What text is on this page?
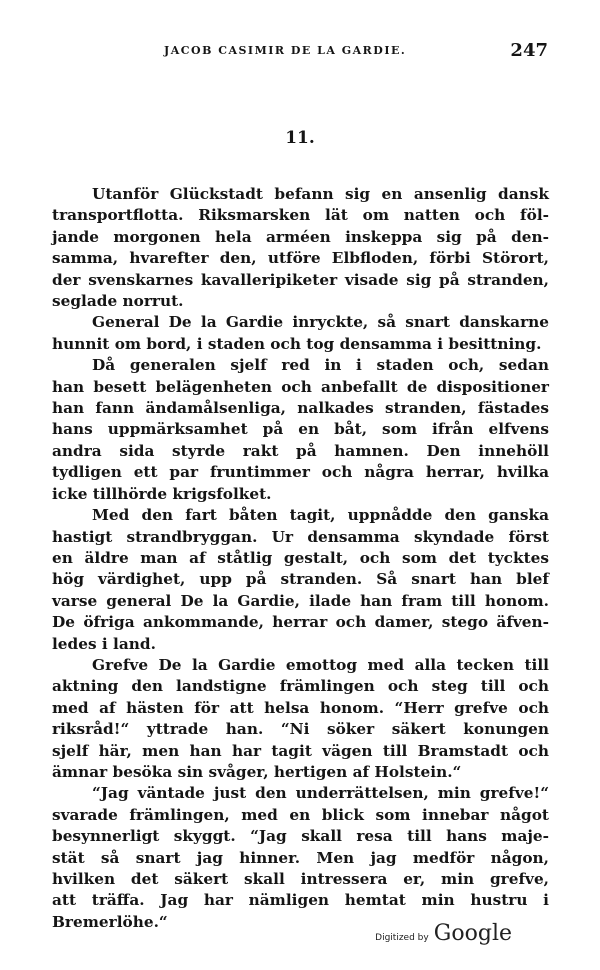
JACOB CASIMIR DE LA GARDIE.	247
11.
Utanför Glückstadt befann sig en ansenlig dansk
transportflotta. Riksmarsken lät om natten och föl-
jande morgonen hela arméen inskeppa sig på den-
samma, hvarefter den, utföre Elbfloden, förbi Störort,
der svenskarnes kavalleripiketer visade sig på stranden,
seglade norrut.
General De la Gardie inryckte, så snart danskarne
hunnit om bord, i staden och tog densamma i besittning.
Då generalen sjelf red in i staden och, sedan
han besett belägenheten och anbefallt de dispositioner
han fann ändamålsenliga, nalkades stranden, fästades
hans uppmärksamhet på en båt, som ifrån elfvens
andra sida styrde rakt på hamnen. Den innehöll
tydligen ett par fruntimmer och några herrar, hvilka
icke tillhörde krigsfolket.
Med den fart båten tagit, uppnådde den ganska
hastigt strandbryggan. Ur densamma skyndade först
en äldre man af ståtlig gestalt, och som det tycktes
hög värdighet, upp på stranden. Så snart han blef
varse general De la Gardie, ilade han fram till honom.
De öfriga ankommande, herrar och damer, stego äfven-
ledes i land.
Grefve De la Gardie emottog med alla tecken till
aktning den landstigne främlingen och steg till och
med af hästen för att helsa honom. “Herr grefve och
riksråd!“ yttrade han. “Ni söker säkert konungen
sjelf här, men han har tagit vägen till Bramstadt och
ämnar besöka sin svåger, hertigen af Holstein.“
“Jag väntade just den underrättelsen, min grefve!“
svarade främlingen, med en blick som innebar något
besynnerligt skyggt. “Jag skall resa till hans maje-
stät så snart jag hinner. Men jag medför någon,
hvilken det säkert skall intressera er, min grefve,
att träffa. Jag har nämligen hemtat min hustru i
Bremerlöhe.“
Digitized by Google
